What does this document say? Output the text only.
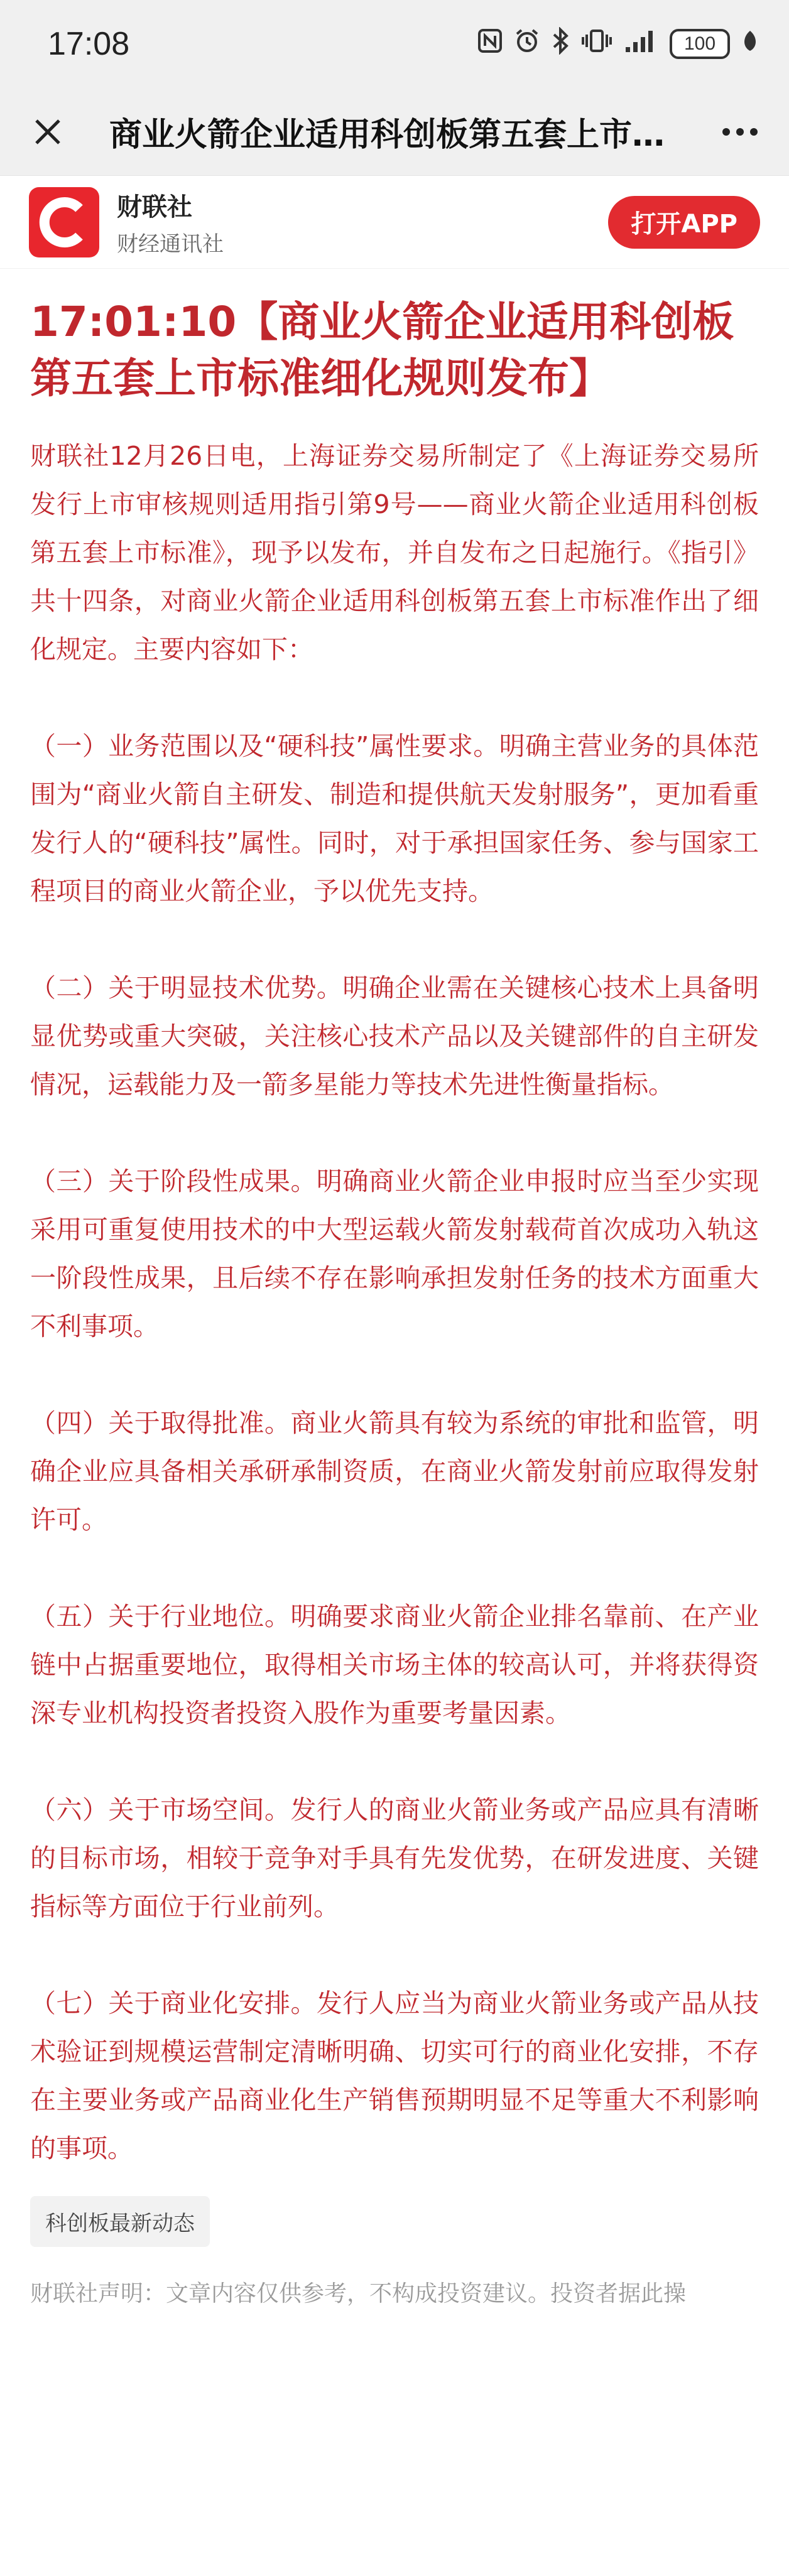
17:08	100
商业火箭企业适用科创板第五套上市…
财联社
财经通讯社
打开APP
17:01:10【商业火箭企业适用科创板第五套上市标准细化规则发布】
财联社12月26日电，上海证券交易所制定了《上海证券交易所发行上市审核规则适用指引第9号——商业火箭企业适用科创板第五套上市标准》，现予以发布，并自发布之日起施行。《指引》共十四条，对商业火箭企业适用科创板第五套上市标准作出了细化规定。主要内容如下：
（一）业务范围以及“硬科技”属性要求。明确主营业务的具体范围为“商业火箭自主研发、制造和提供航天发射服务”，更加看重发行人的“硬科技”属性。同时，对于承担国家任务、参与国家工程项目的商业火箭企业，予以优先支持。
（二）关于明显技术优势。明确企业需在关键核心技术上具备明显优势或重大突破，关注核心技术产品以及关键部件的自主研发情况，运载能力及一箭多星能力等技术先进性衡量指标。
（三）关于阶段性成果。明确商业火箭企业申报时应当至少实现采用可重复使用技术的中大型运载火箭发射载荷首次成功入轨这一阶段性成果，且后续不存在影响承担发射任务的技术方面重大不利事项。
（四）关于取得批准。商业火箭具有较为系统的审批和监管，明确企业应具备相关承研承制资质，在商业火箭发射前应取得发射许可。
（五）关于行业地位。明确要求商业火箭企业排名靠前、在产业链中占据重要地位，取得相关市场主体的较高认可，并将获得资深专业机构投资者投资入股作为重要考量因素。
（六）关于市场空间。发行人的商业火箭业务或产品应具有清晰的目标市场，相较于竞争对手具有先发优势，在研发进度、关键指标等方面位于行业前列。
（七）关于商业化安排。发行人应当为商业火箭业务或产品从技术验证到规模运营制定清晰明确、切实可行的商业化安排，不存在主要业务或产品商业化生产销售预期明显不足等重大不利影响的事项。
科创板最新动态
财联社声明：文章内容仅供参考，不构成投资建议。投资者据此操
